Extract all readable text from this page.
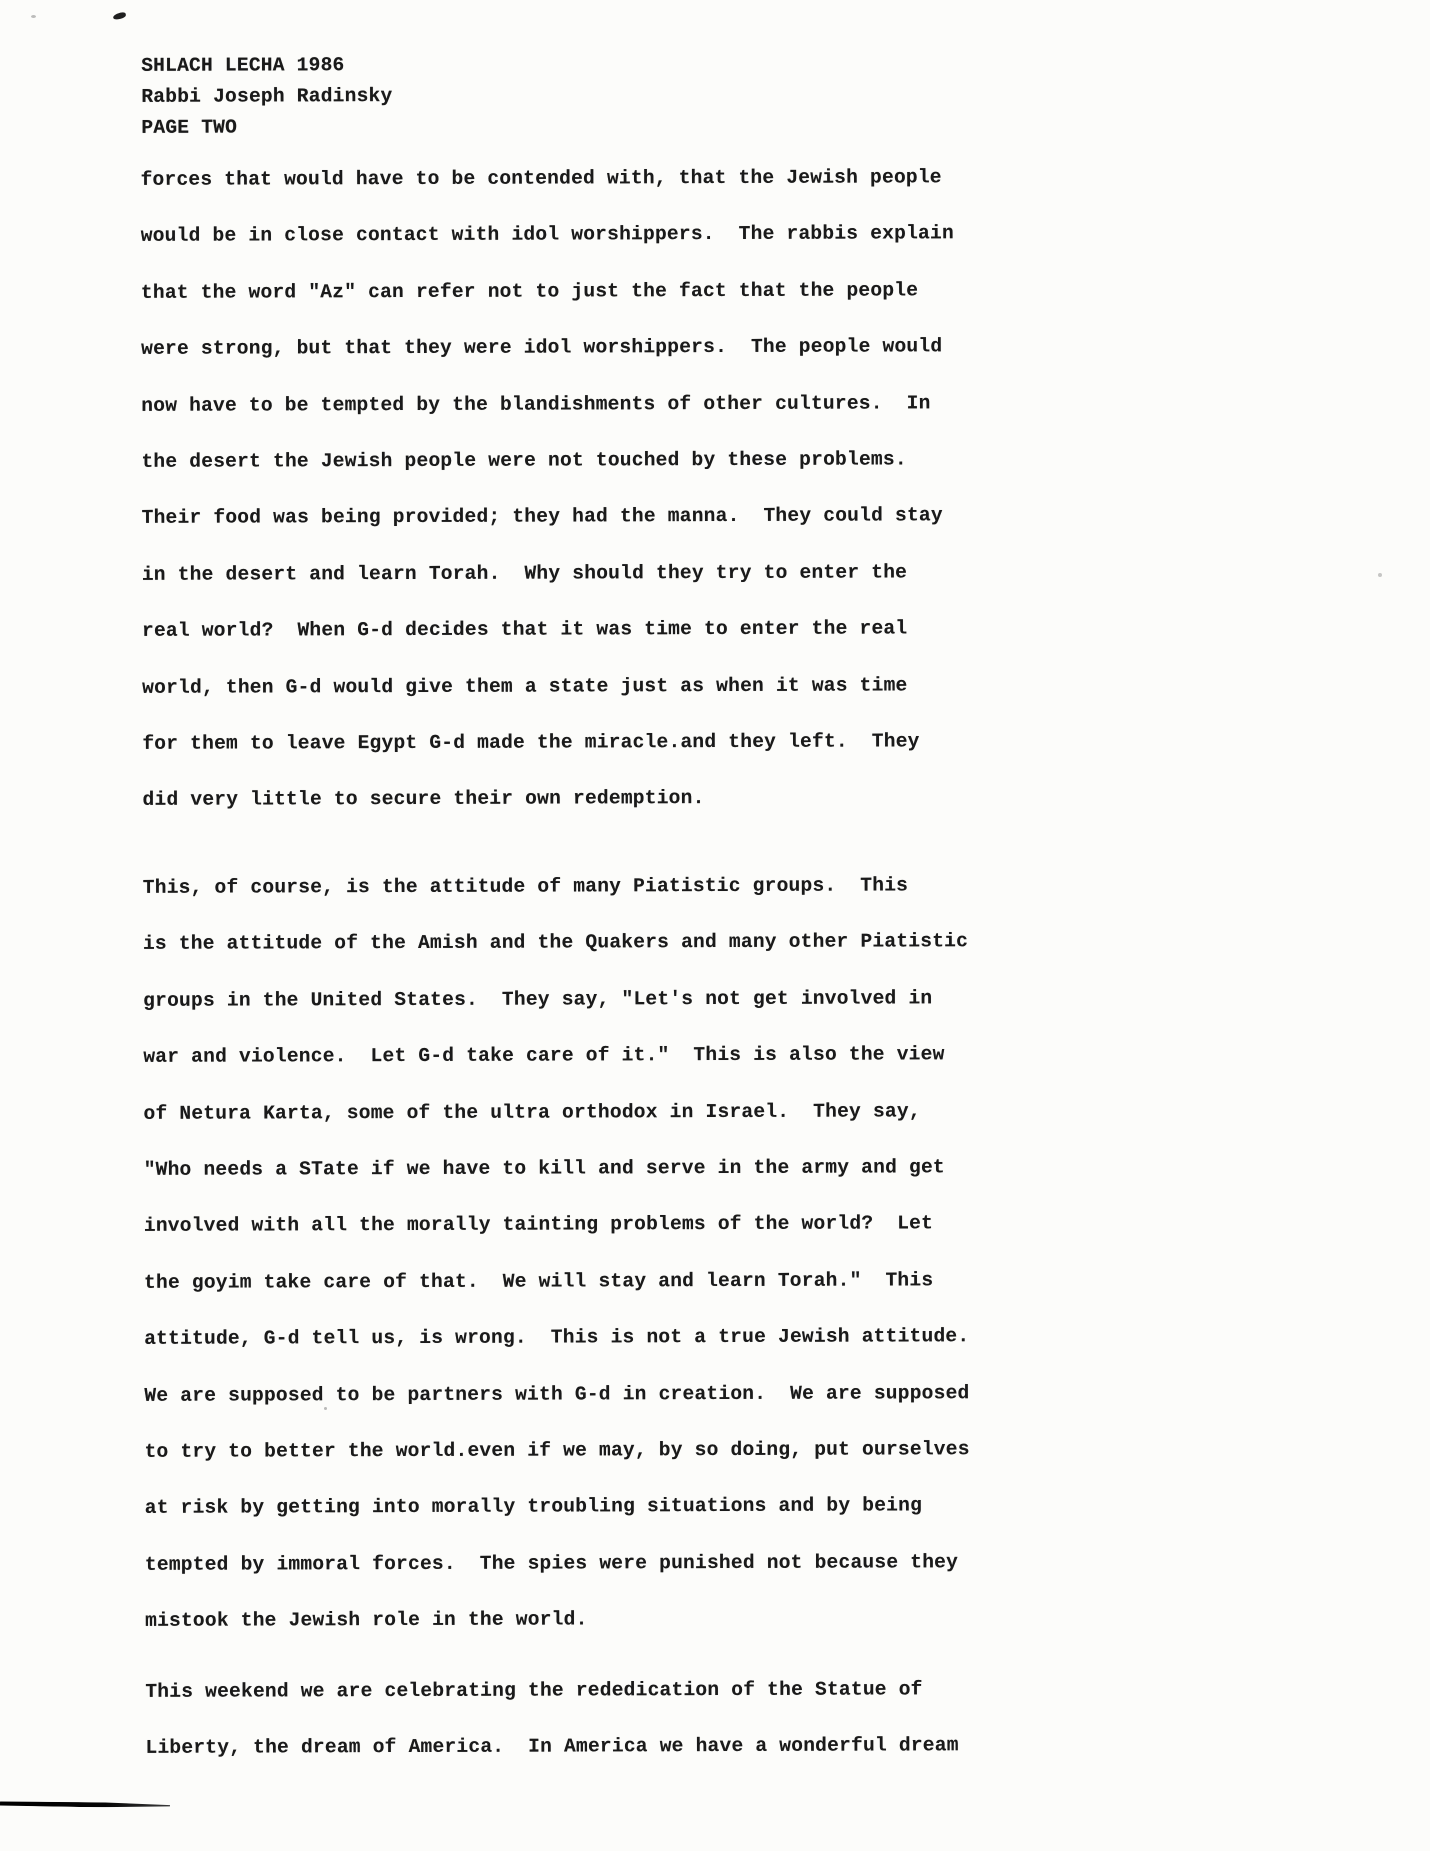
SHLACH LECHA 1986
Rabbi Joseph Radinsky
PAGE TWO
forces that would have to be contended with, that the Jewish people
would be in close contact with idol worshippers.  The rabbis explain
that the word "Az" can refer not to just the fact that the people
were strong, but that they were idol worshippers.  The people would
now have to be tempted by the blandishments of other cultures.  In
the desert the Jewish people were not touched by these problems.
Their food was being provided; they had the manna.  They could stay
in the desert and learn Torah.  Why should they try to enter the
real world?  When G-d decides that it was time to enter the real
world, then G-d would give them a state just as when it was time
for them to leave Egypt G-d made the miracle.and they left.  They
did very little to secure their own redemption.
This, of course, is the attitude of many Piatistic groups.  This
is the attitude of the Amish and the Quakers and many other Piatistic
groups in the United States.  They say, "Let's not get involved in
war and violence.  Let G-d take care of it."  This is also the view
of Netura Karta, some of the ultra orthodox in Israel.  They say,
"Who needs a STate if we have to kill and serve in the army and get
involved with all the morally tainting problems of the world?  Let
the goyim take care of that.  We will stay and learn Torah."  This
attitude, G-d tell us, is wrong.  This is not a true Jewish attitude.
We are supposed to be partners with G-d in creation.  We are supposed
to try to better the world.even if we may, by so doing, put ourselves
at risk by getting into morally troubling situations and by being
tempted by immoral forces.  The spies were punished not because they
mistook the Jewish role in the world.
This weekend we are celebrating the rededication of the Statue of
Liberty, the dream of America.  In America we have a wonderful dream
